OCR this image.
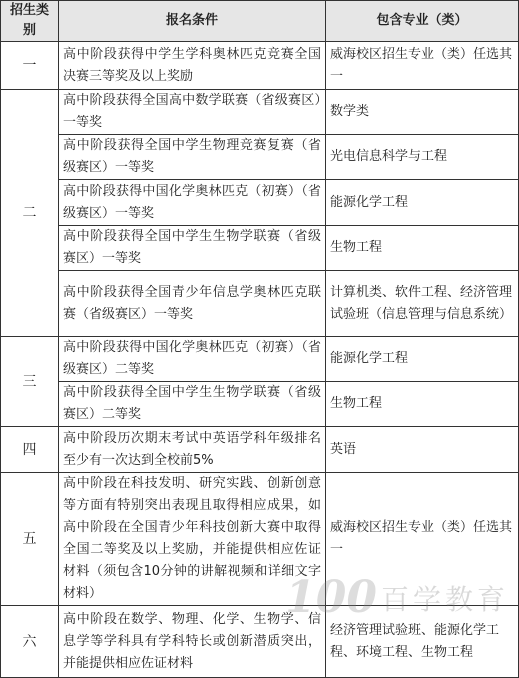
招生类别	报名条件	包含专业（类）
一	高中阶段获得中学生学科奥林匹克竞赛全国决赛三等奖及以上奖励	威海校区招生专业（类）任选其一
二	高中阶段获得全国高中数学联赛（省级赛区）一等奖	数学类
	高中阶段获得全国中学生物理竞赛复赛（省级赛区）一等奖	光电信息科学与工程
	高中阶段获得中国化学奥林匹克（初赛）（省级赛区）一等奖	能源化学工程
	高中阶段获得全国中学生生物学联赛（省级赛区）一等奖	生物工程
	高中阶段获得全国青少年信息学奥林匹克联赛（省级赛区）一等奖	计算机类、软件工程、经济管理试验班（信息管理与信息系统）
三	高中阶段获得中国化学奥林匹克（初赛）（省级赛区）二等奖	能源化学工程
	高中阶段获得全国中学生生物学联赛（省级赛区）二等奖	生物工程
四	高中阶段历次期末考试中英语学科年级排名至少有一次达到全校前5%	英语
五	高中阶段在科技发明、研究实践、创新创意等方面有特别突出表现且取得相应成果，如高中阶段在全国青少年科技创新大赛中取得全国二等奖及以上奖励，并能提供相应佐证材料（须包含10分钟的讲解视频和详细文字材料）	威海校区招生专业（类）任选其一
六	高中阶段在数学、物理、化学、生物学、信息学等学科具有学科特长或创新潜质突出，并能提供相应佐证材料	经济管理试验班、能源化学工程、环境工程、生物工程
100 百学教育
